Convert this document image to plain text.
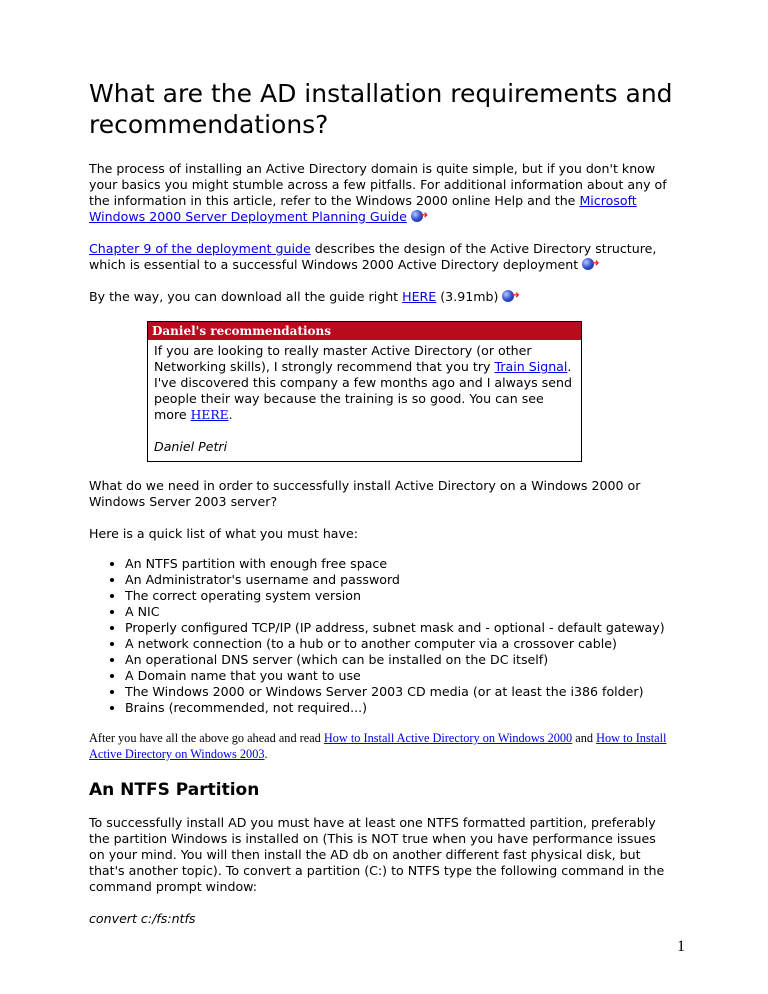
What are the AD installation requirements and recommendations?

The process of installing an Active Directory domain is quite simple, but if you don't know your basics you might stumble across a few pitfalls. For additional information about any of the information in this article, refer to the Windows 2000 online Help and the Microsoft Windows 2000 Server Deployment Planning Guide ➜

Chapter 9 of the deployment guide describes the design of the Active Directory structure, which is essential to a successful Windows 2000 Active Directory deployment ➜

By the way, you can download all the guide right HERE (3.91mb) ➜

Daniel's recommendations
If you are looking to really master Active Directory (or other Networking skills), I strongly recommend that you try Train Signal. I've discovered this company a few months ago and I always send people their way because the training is so good. You can see more HERE.
Daniel Petri

What do we need in order to successfully install Active Directory on a Windows 2000 or Windows Server 2003 server?

Here is a quick list of what you must have:

• An NTFS partition with enough free space
• An Administrator's username and password
• The correct operating system version
• A NIC
• Properly configured TCP/IP (IP address, subnet mask and - optional - default gateway)
• A network connection (to a hub or to another computer via a crossover cable)
• An operational DNS server (which can be installed on the DC itself)
• A Domain name that you want to use
• The Windows 2000 or Windows Server 2003 CD media (or at least the i386 folder)
• Brains (recommended, not required...)

After you have all the above go ahead and read How to Install Active Directory on Windows 2000 and How to Install Active Directory on Windows 2003.

An NTFS Partition

To successfully install AD you must have at least one NTFS formatted partition, preferably the partition Windows is installed on (This is NOT true when you have performance issues on your mind. You will then install the AD db on another different fast physical disk, but that's another topic). To convert a partition (C:) to NTFS type the following command in the command prompt window:

convert c:/fs:ntfs

1
